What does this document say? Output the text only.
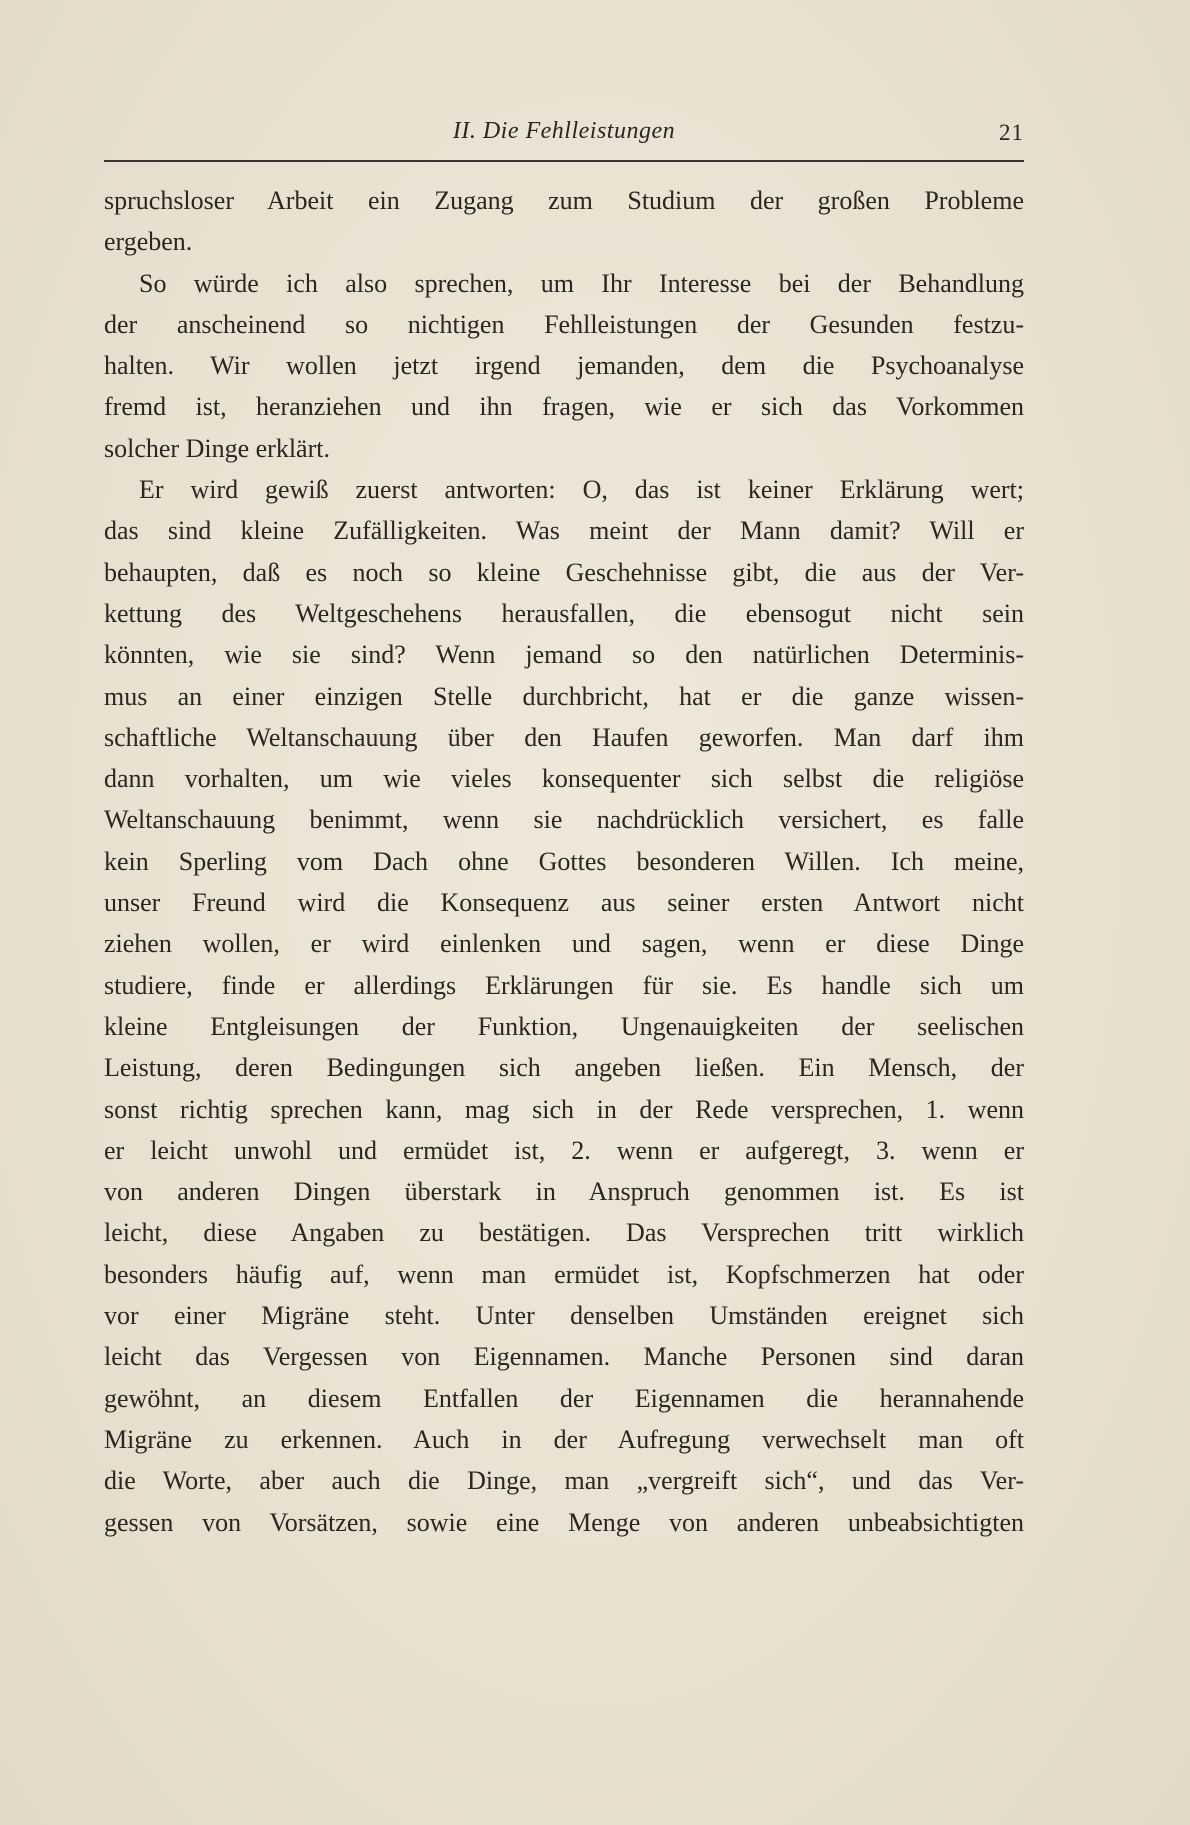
II. Die Fehlleistungen	21
spruchsloser Arbeit ein Zugang zum Studium der großen Probleme
ergeben.
So würde ich also sprechen, um Ihr Interesse bei der Behandlung
der anscheinend so nichtigen Fehlleistungen der Gesunden festzu-
halten. Wir wollen jetzt irgend jemanden, dem die Psychoanalyse
fremd ist, heranziehen und ihn fragen, wie er sich das Vorkommen
solcher Dinge erklärt.
Er wird gewiß zuerst antworten: O, das ist keiner Erklärung wert;
das sind kleine Zufälligkeiten. Was meint der Mann damit? Will er
behaupten, daß es noch so kleine Geschehnisse gibt, die aus der Ver-
kettung des Weltgeschehens herausfallen, die ebensogut nicht sein
könnten, wie sie sind? Wenn jemand so den natürlichen Determinis-
mus an einer einzigen Stelle durchbricht, hat er die ganze wissen-
schaftliche Weltanschauung über den Haufen geworfen. Man darf ihm
dann vorhalten, um wie vieles konsequenter sich selbst die religiöse
Weltanschauung benimmt, wenn sie nachdrücklich versichert, es falle
kein Sperling vom Dach ohne Gottes besonderen Willen. Ich meine,
unser Freund wird die Konsequenz aus seiner ersten Antwort nicht
ziehen wollen, er wird einlenken und sagen, wenn er diese Dinge
studiere, finde er allerdings Erklärungen für sie. Es handle sich um
kleine Entgleisungen der Funktion, Ungenauigkeiten der seelischen
Leistung, deren Bedingungen sich angeben ließen. Ein Mensch, der
sonst richtig sprechen kann, mag sich in der Rede versprechen, 1. wenn
er leicht unwohl und ermüdet ist, 2. wenn er aufgeregt, 3. wenn er
von anderen Dingen überstark in Anspruch genommen ist. Es ist
leicht, diese Angaben zu bestätigen. Das Versprechen tritt wirklich
besonders häufig auf, wenn man ermüdet ist, Kopfschmerzen hat oder
vor einer Migräne steht. Unter denselben Umständen ereignet sich
leicht das Vergessen von Eigennamen. Manche Personen sind daran
gewöhnt, an diesem Entfallen der Eigennamen die herannahende
Migräne zu erkennen. Auch in der Aufregung verwechselt man oft
die Worte, aber auch die Dinge, man „vergreift sich“, und das Ver-
gessen von Vorsätzen, sowie eine Menge von anderen unbeabsichtigten
